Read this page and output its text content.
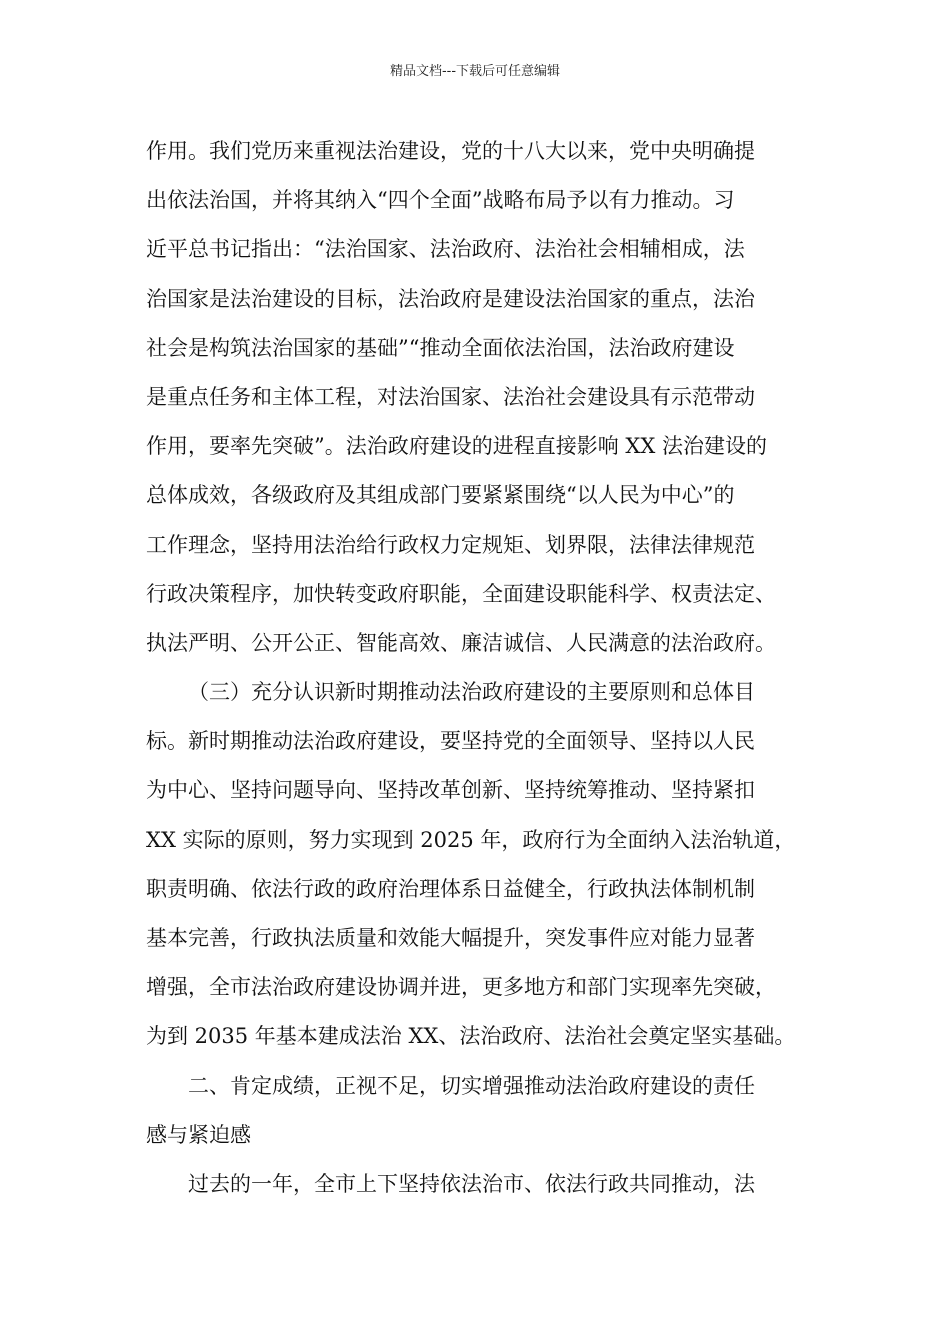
精品文档---下载后可任意编辑
作用。我们党历来重视法治建设，党的十八大以来，党中央明确提
出依法治国，并将其纳入“四个全面”战略布局予以有力推动。习
近平总书记指出：“法治国家、法治政府、法治社会相辅相成，法
治国家是法治建设的目标，法治政府是建设法治国家的重点，法治
社会是构筑法治国家的基础”“推动全面依法治国，法治政府建设
是重点任务和主体工程，对法治国家、法治社会建设具有示范带动
作用，要率先突破”。法治政府建设的进程直接影响 XX 法治建设的
总体成效，各级政府及其组成部门要紧紧围绕“以人民为中心”的
工作理念，坚持用法治给行政权力定规矩、划界限，法律法律规范
行政决策程序，加快转变政府职能，全面建设职能科学、权责法定、
执法严明、公开公正、智能高效、廉洁诚信、人民满意的法治政府。
（三）充分认识新时期推动法治政府建设的主要原则和总体目
标。新时期推动法治政府建设，要坚持党的全面领导、坚持以人民
为中心、坚持问题导向、坚持改革创新、坚持统筹推动、坚持紧扣
XX 实际的原则，努力实现到 2025 年，政府行为全面纳入法治轨道，
职责明确、依法行政的政府治理体系日益健全，行政执法体制机制
基本完善，行政执法质量和效能大幅提升，突发事件应对能力显著
增强，全市法治政府建设协调并进，更多地方和部门实现率先突破，
为到 2035 年基本建成法治 XX、法治政府、法治社会奠定坚实基础。
二、肯定成绩，正视不足，切实增强推动法治政府建设的责任
感与紧迫感
过去的一年，全市上下坚持依法治市、依法行政共同推动，法
